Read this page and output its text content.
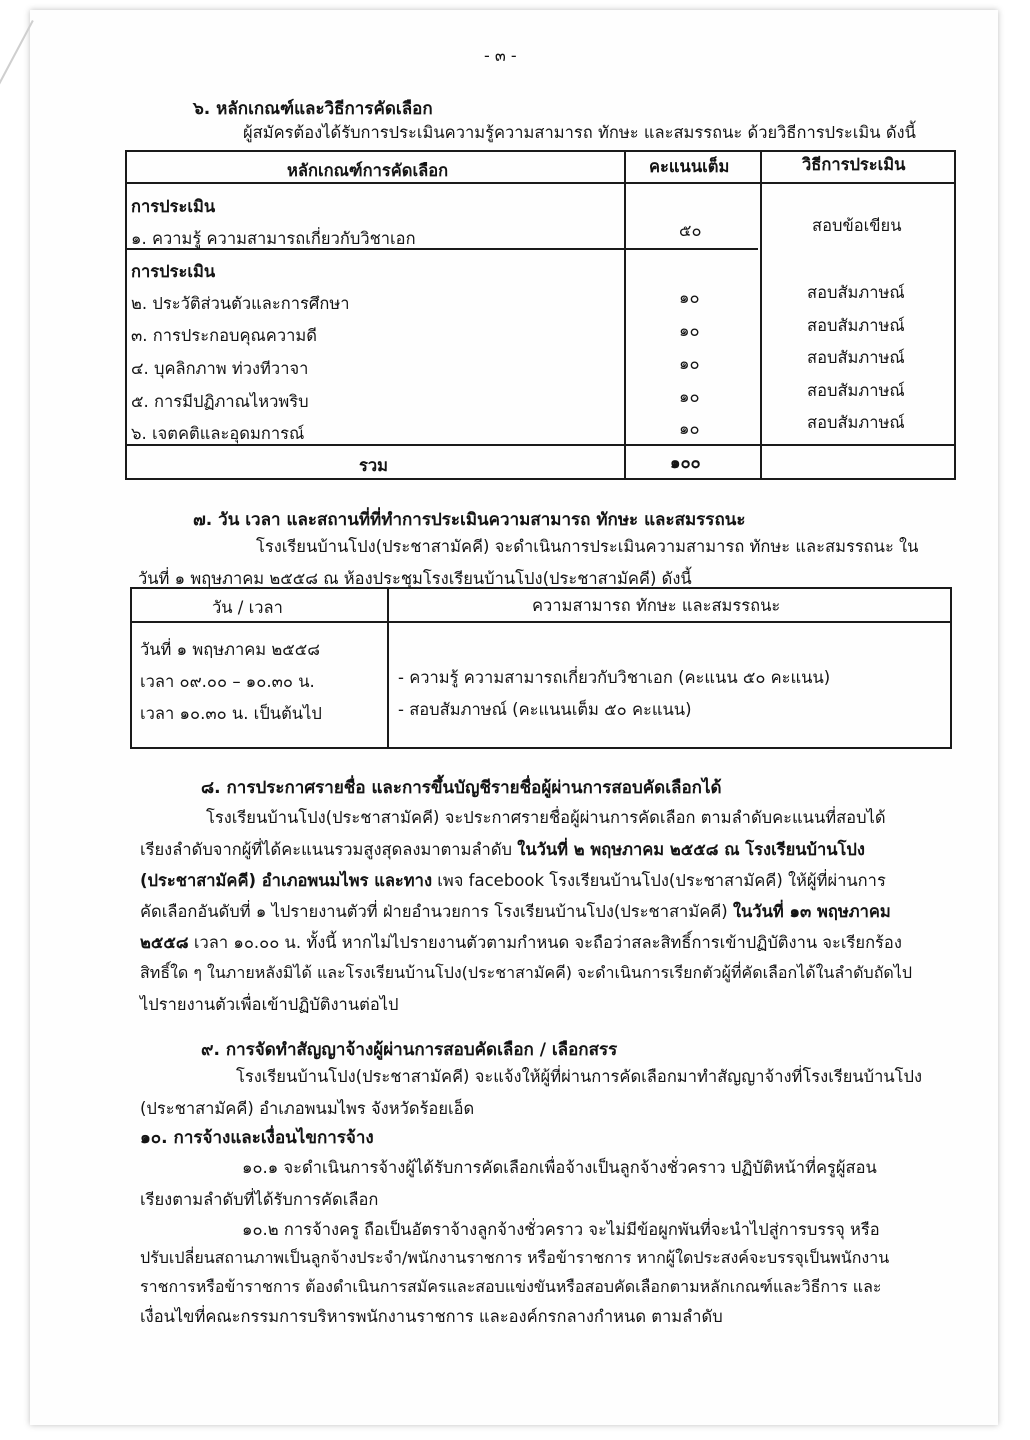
- ๓ -
๖. หลักเกณฑ์และวิธีการคัดเลือก
ผู้สมัครต้องได้รับการประเมินความรู้ความสามารถ ทักษะ และสมรรถนะ ด้วยวิธีการประเมิน ดังนี้
หลักเกณฑ์การคัดเลือก	คะแนนเต็ม	วิธีการประเมิน
การประเมิน
๑. ความรู้ ความสามารถเกี่ยวกับวิชาเอก	๕๐	สอบข้อเขียน
การประเมิน
๒. ประวัติส่วนตัวและการศึกษา	๑๐	สอบสัมภาษณ์
๓. การประกอบคุณความดี	๑๐	สอบสัมภาษณ์
๔. บุคลิกภาพ ท่วงทีวาจา	๑๐	สอบสัมภาษณ์
๕. การมีปฏิภาณไหวพริบ	๑๐	สอบสัมภาษณ์
๖. เจตคติและอุดมการณ์	๑๐	สอบสัมภาษณ์
รวม	๑๐๐
๗. วัน เวลา และสถานที่ที่ทำการประเมินความสามารถ ทักษะ และสมรรถนะ
โรงเรียนบ้านโปง(ประชาสามัคคี) จะดำเนินการประเมินความสามารถ ทักษะ และสมรรถนะ ใน
วันที่ ๑ พฤษภาคม ๒๕๕๘ ณ ห้องประชุมโรงเรียนบ้านโปง(ประชาสามัคคี) ดังนี้
วัน / เวลา	ความสามารถ ทักษะ และสมรรถนะ
วันที่ ๑ พฤษภาคม ๒๕๕๘
เวลา ๐๙.๐๐ – ๑๐.๓๐ น.
เวลา ๑๐.๓๐ น. เป็นต้นไป
- ความรู้ ความสามารถเกี่ยวกับวิชาเอก (คะแนน ๕๐ คะแนน)
- สอบสัมภาษณ์ (คะแนนเต็ม ๕๐ คะแนน)
๘. การประกาศรายชื่อ และการขึ้นบัญชีรายชื่อผู้ผ่านการสอบคัดเลือกได้
โรงเรียนบ้านโปง(ประชาสามัคคี) จะประกาศรายชื่อผู้ผ่านการคัดเลือก ตามลำดับคะแนนที่สอบได้
เรียงลำดับจากผู้ที่ได้คะแนนรวมสูงสุดลงมาตามลำดับ ในวันที่ ๒ พฤษภาคม ๒๕๕๘ ณ โรงเรียนบ้านโปง
(ประชาสามัคคี) อำเภอพนมไพร และทาง เพจ facebook โรงเรียนบ้านโปง(ประชาสามัคคี) ให้ผู้ที่ผ่านการ
คัดเลือกอันดับที่ ๑ ไปรายงานตัวที่ ฝ่ายอำนวยการ โรงเรียนบ้านโปง(ประชาสามัคคี) ในวันที่ ๑๓ พฤษภาคม
๒๕๕๘ เวลา ๑๐.๐๐ น. ทั้งนี้ หากไม่ไปรายงานตัวตามกำหนด จะถือว่าสละสิทธิ์การเข้าปฏิบัติงาน จะเรียกร้อง
สิทธิ์ใด ๆ ในภายหลังมิได้ และโรงเรียนบ้านโปง(ประชาสามัคคี) จะดำเนินการเรียกตัวผู้ที่คัดเลือกได้ในลำดับถัดไป
ไปรายงานตัวเพื่อเข้าปฏิบัติงานต่อไป
๙. การจัดทำสัญญาจ้างผู้ผ่านการสอบคัดเลือก / เลือกสรร
โรงเรียนบ้านโปง(ประชาสามัคคี) จะแจ้งให้ผู้ที่ผ่านการคัดเลือกมาทำสัญญาจ้างที่โรงเรียนบ้านโปง
(ประชาสามัคคี) อำเภอพนมไพร จังหวัดร้อยเอ็ด
๑๐. การจ้างและเงื่อนไขการจ้าง
๑๐.๑ จะดำเนินการจ้างผู้ได้รับการคัดเลือกเพื่อจ้างเป็นลูกจ้างชั่วคราว ปฏิบัติหน้าที่ครูผู้สอน
เรียงตามลำดับที่ได้รับการคัดเลือก
๑๐.๒ การจ้างครู ถือเป็นอัตราจ้างลูกจ้างชั่วคราว จะไม่มีข้อผูกพันที่จะนำไปสู่การบรรจุ หรือ
ปรับเปลี่ยนสถานภาพเป็นลูกจ้างประจำ/พนักงานราชการ หรือข้าราชการ หากผู้ใดประสงค์จะบรรจุเป็นพนักงาน
ราชการหรือข้าราชการ ต้องดำเนินการสมัครและสอบแข่งขันหรือสอบคัดเลือกตามหลักเกณฑ์และวิธีการ และ
เงื่อนไขที่คณะกรรมการบริหารพนักงานราชการ และองค์กรกลางกำหนด ตามลำดับ
